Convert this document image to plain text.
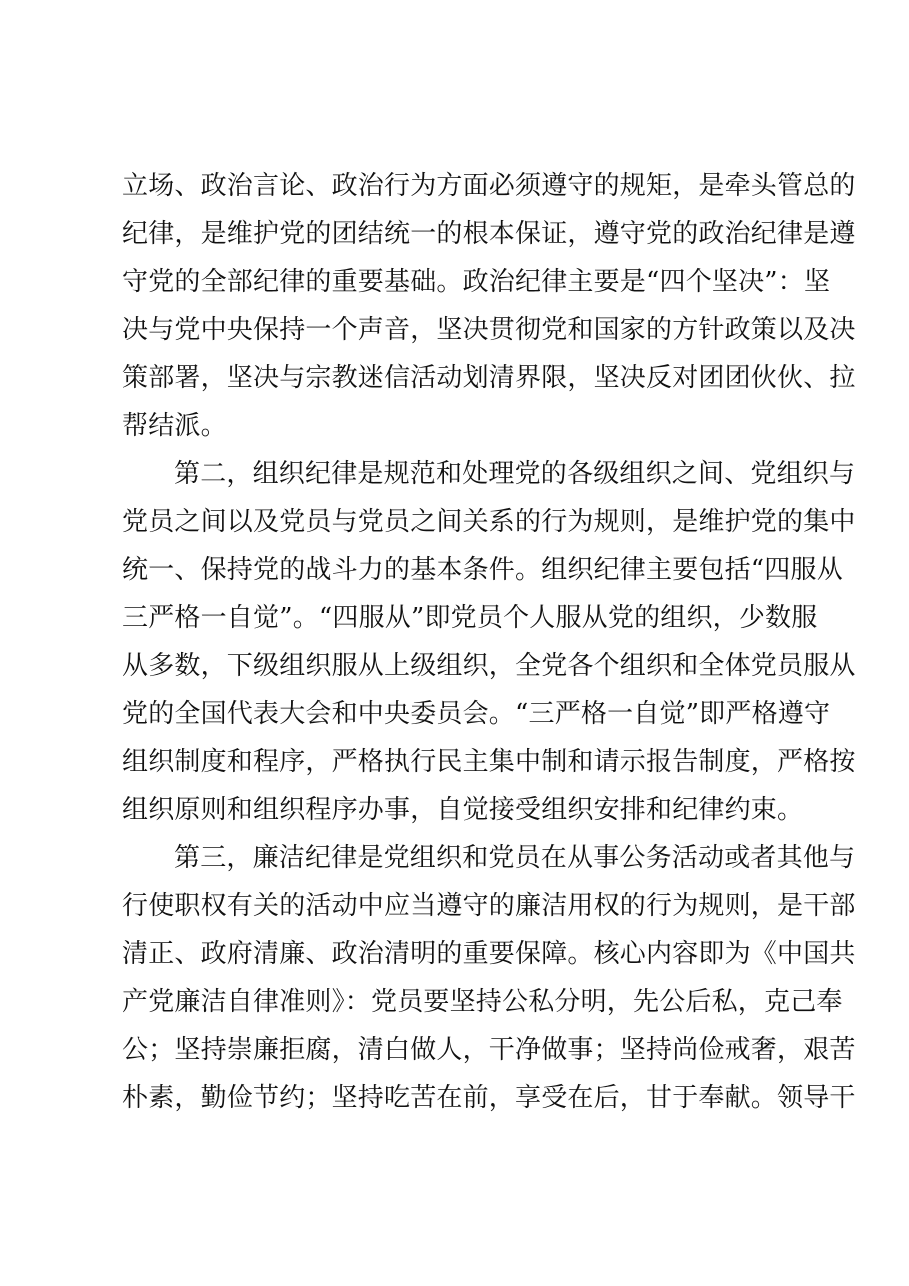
立场、政治言论、政治行为方面必须遵守的规矩，是牵头管总的
纪律，是维护党的团结统一的根本保证，遵守党的政治纪律是遵
守党的全部纪律的重要基础。政治纪律主要是“四个坚决”：坚
决与党中央保持一个声音，坚决贯彻党和国家的方针政策以及决
策部署，坚决与宗教迷信活动划清界限，坚决反对团团伙伙、拉
帮结派。
第二，组织纪律是规范和处理党的各级组织之间、党组织与
党员之间以及党员与党员之间关系的行为规则，是维护党的集中
统一、保持党的战斗力的基本条件。组织纪律主要包括“四服从
三严格一自觉”。“四服从”即党员个人服从党的组织，少数服
从多数，下级组织服从上级组织，全党各个组织和全体党员服从
党的全国代表大会和中央委员会。“三严格一自觉”即严格遵守
组织制度和程序，严格执行民主集中制和请示报告制度，严格按
组织原则和组织程序办事，自觉接受组织安排和纪律约束。
第三，廉洁纪律是党组织和党员在从事公务活动或者其他与
行使职权有关的活动中应当遵守的廉洁用权的行为规则，是干部
清正、政府清廉、政治清明的重要保障。核心内容即为《中国共
产党廉洁自律准则》：党员要坚持公私分明，先公后私，克己奉
公；坚持崇廉拒腐，清白做人，干净做事；坚持尚俭戒奢，艰苦
朴素，勤俭节约；坚持吃苦在前，享受在后，甘于奉献。领导干
